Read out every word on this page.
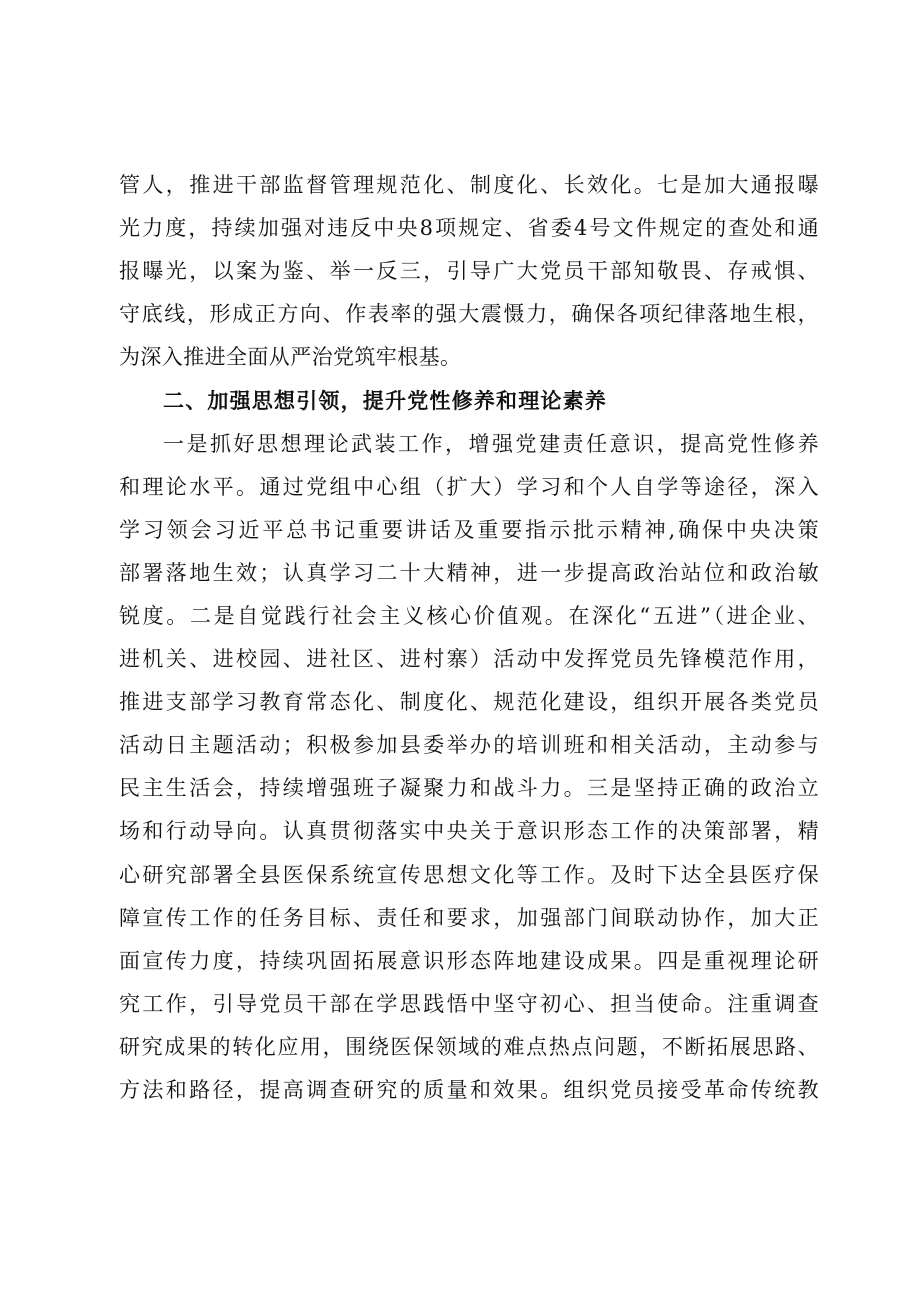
管人，推进干部监督管理规范化、制度化、长效化。七是加大通报曝
光力度，持续加强对违反中央8项规定、省委4号文件规定的查处和通
报曝光，以案为鉴、举一反三，引导广大党员干部知敬畏、存戒惧、
守底线，形成正方向、作表率的强大震慑力，确保各项纪律落地生根，
为深入推进全面从严治党筑牢根基。
二、加强思想引领，提升党性修养和理论素养
一是抓好思想理论武装工作，增强党建责任意识，提高党性修养
和理论水平。通过党组中心组（扩大）学习和个人自学等途径，深入
学习领会习近平总书记重要讲话及重要指示批示精神,确保中央决策
部署落地生效；认真学习二十大精神，进一步提高政治站位和政治敏
锐度。二是自觉践行社会主义核心价值观。在深化“五进”（进企业、
进机关、进校园、进社区、进村寨）活动中发挥党员先锋模范作用，
推进支部学习教育常态化、制度化、规范化建设，组织开展各类党员
活动日主题活动；积极参加县委举办的培训班和相关活动，主动参与
民主生活会，持续增强班子凝聚力和战斗力。三是坚持正确的政治立
场和行动导向。认真贯彻落实中央关于意识形态工作的决策部署，精
心研究部署全县医保系统宣传思想文化等工作。及时下达全县医疗保
障宣传工作的任务目标、责任和要求，加强部门间联动协作，加大正
面宣传力度，持续巩固拓展意识形态阵地建设成果。四是重视理论研
究工作，引导党员干部在学思践悟中坚守初心、担当使命。注重调查
研究成果的转化应用，围绕医保领域的难点热点问题，不断拓展思路、
方法和路径，提高调查研究的质量和效果。组织党员接受革命传统教
